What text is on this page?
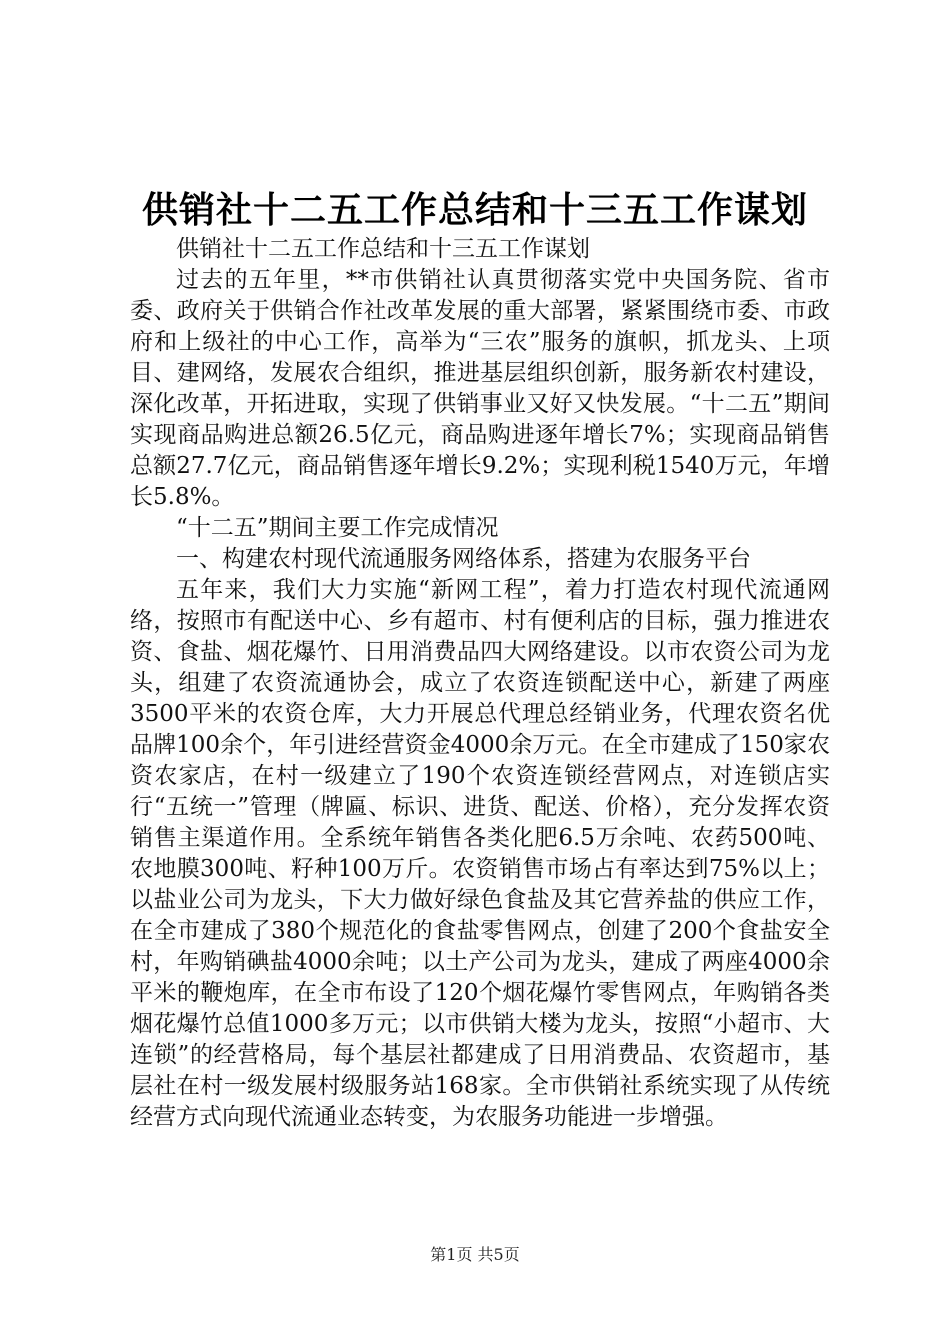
供销社十二五工作总结和十三五工作谋划

供销社十二五工作总结和十三五工作谋划

过去的五年里，**市供销社认真贯彻落实党中央国务院、省市委、政府关于供销合作社改革发展的重大部署，紧紧围绕市委、市政府和上级社的中心工作，高举为“三农”服务的旗帜，抓龙头、上项目、建网络，发展农合组织，推进基层组织创新，服务新农村建设，深化改革，开拓进取，实现了供销事业又好又快发展。“十二五”期间实现商品购进总额26.5亿元，商品购进逐年增长7%；实现商品销售总额27.7亿元，商品销售逐年增长9.2%；实现利税1540万元，年增长5.8%。

“十二五”期间主要工作完成情况

一、构建农村现代流通服务网络体系，搭建为农服务平台

五年来，我们大力实施“新网工程”，着力打造农村现代流通网络，按照市有配送中心、乡有超市、村有便利店的目标，强力推进农资、食盐、烟花爆竹、日用消费品四大网络建设。以市农资公司为龙头，组建了农资流通协会，成立了农资连锁配送中心，新建了两座3500平米的农资仓库，大力开展总代理总经销业务，代理农资名优品牌100余个，年引进经营资金4000余万元。在全市建成了150家农资农家店，在村一级建立了190个农资连锁经营网点，对连锁店实行“五统一”管理（牌匾、标识、进货、配送、价格），充分发挥农资销售主渠道作用。全系统年销售各类化肥6.5万余吨、农药500吨、农地膜300吨、籽种100万斤。农资销售市场占有率达到75%以上；以盐业公司为龙头，下大力做好绿色食盐及其它营养盐的供应工作，在全市建成了380个规范化的食盐零售网点，创建了200个食盐安全村，年购销碘盐4000余吨；以土产公司为龙头，建成了两座4000余平米的鞭炮库，在全市布设了120个烟花爆竹零售网点，年购销各类烟花爆竹总值1000多万元；以市供销大楼为龙头，按照“小超市、大连锁”的经营格局，每个基层社都建成了日用消费品、农资超市，基层社在村一级发展村级服务站168家。全市供销社系统实现了从传统经营方式向现代流通业态转变，为农服务功能进一步增强。

第1页 共5页
